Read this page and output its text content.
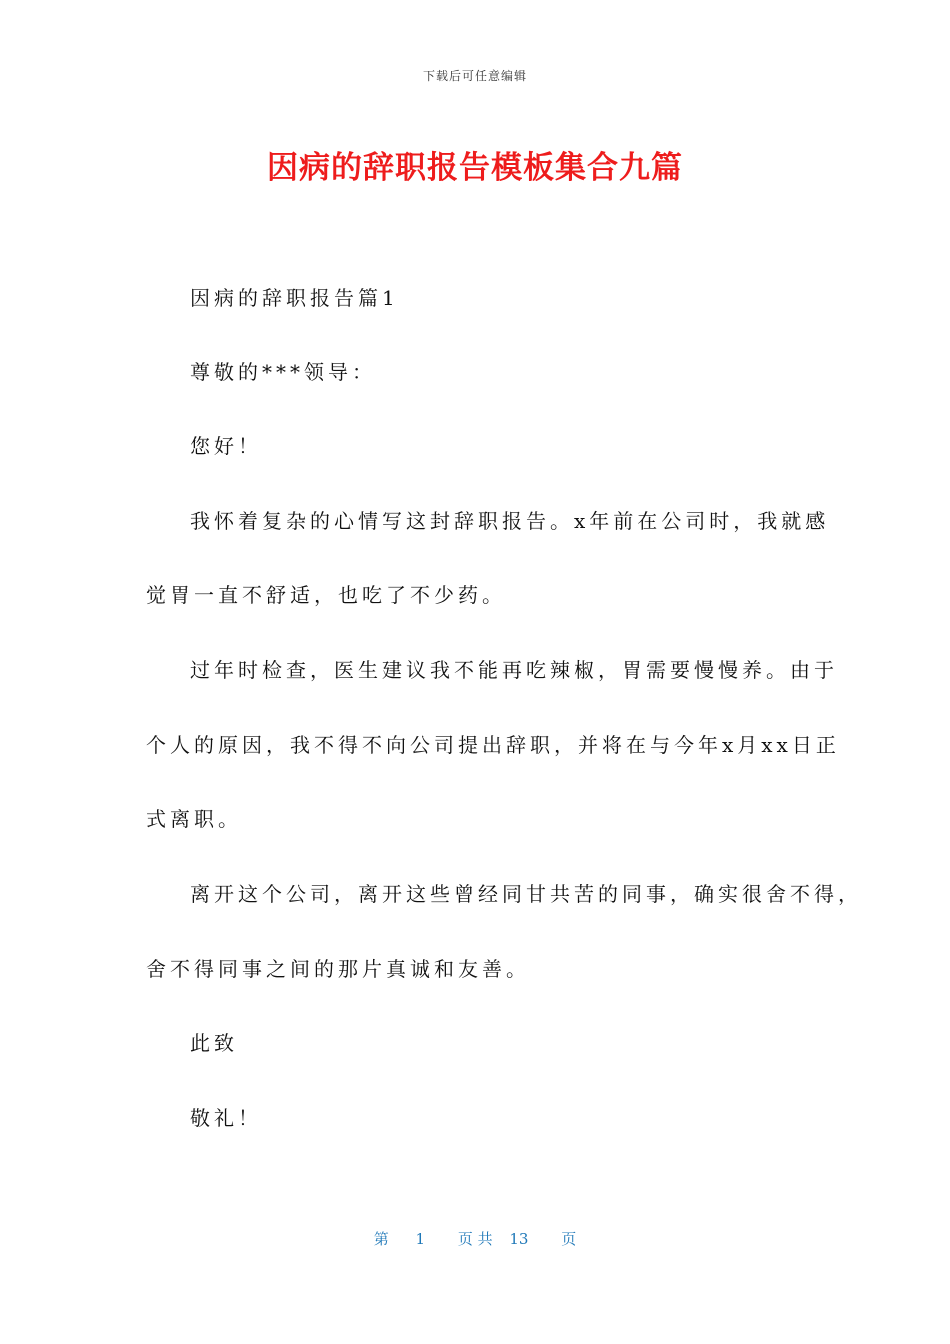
下载后可任意编辑
因病的辞职报告模板集合九篇
因病的辞职报告篇1
尊敬的***领导：
您好！
我怀着复杂的心情写这封辞职报告。x年前在公司时，我就感
觉胃一直不舒适，也吃了不少药。
过年时检查，医生建议我不能再吃辣椒，胃需要慢慢养。由于
个人的原因，我不得不向公司提出辞职，并将在与今年x月xx日正
式离职。
离开这个公司，离开这些曾经同甘共苦的同事，确实很舍不得，
舍不得同事之间的那片真诚和友善。
此致
敬礼！
第 1 页 共 13 页
